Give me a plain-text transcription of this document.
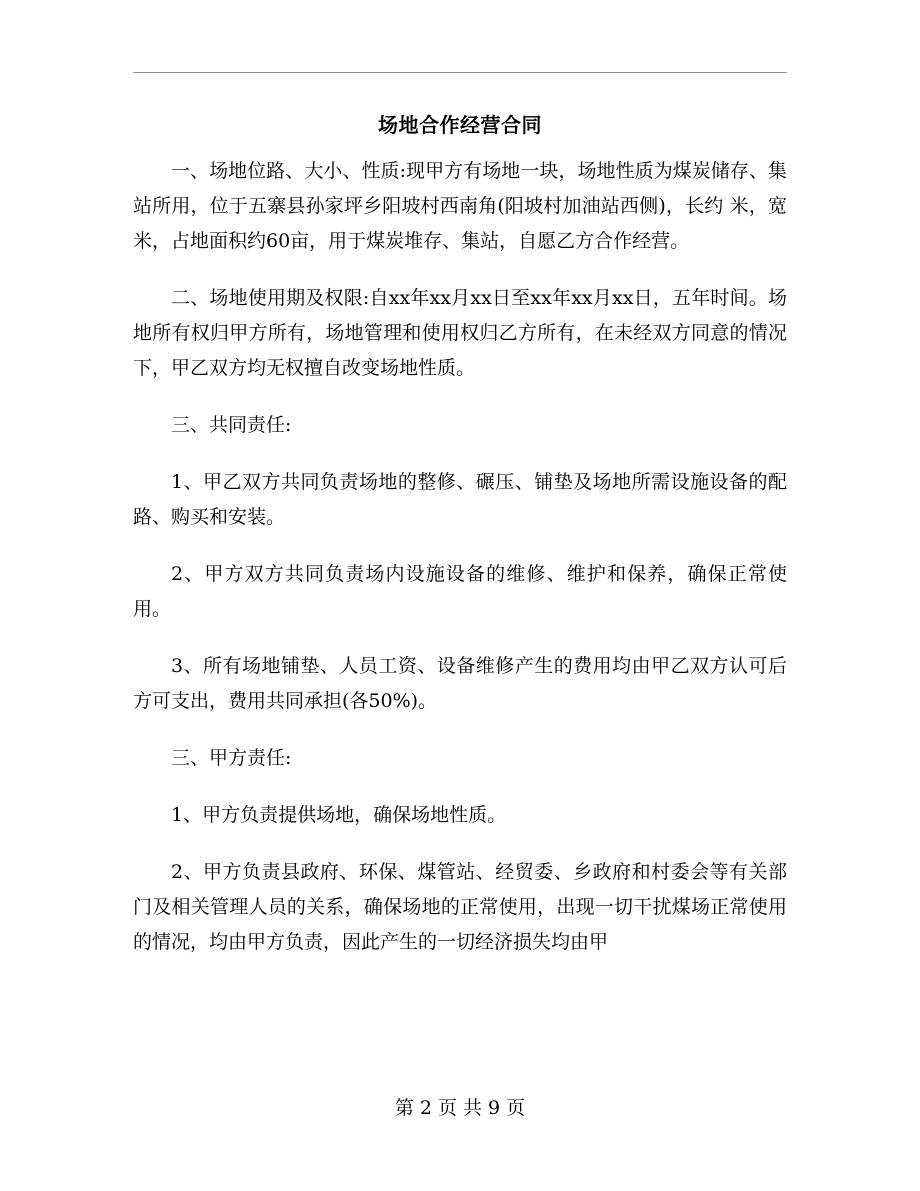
场地合作经营合同

一、场地位路、大小、性质:现甲方有场地一块，场地性质为煤炭储存、集站所用，位于五寨县孙家坪乡阳坡村西南角(阳坡村加油站西侧)，长约 米，宽 米，占地面积约60亩，用于煤炭堆存、集站，自愿乙方合作经营。

二、场地使用期及权限:自xx年xx月xx日至xx年xx月xx日，五年时间。场地所有权归甲方所有，场地管理和使用权归乙方所有，在未经双方同意的情况下，甲乙双方均无权擅自改变场地性质。

三、共同责任:

1、甲乙双方共同负责场地的整修、碾压、铺垫及场地所需设施设备的配路、购买和安装。

2、甲方双方共同负责场内设施设备的维修、维护和保养，确保正常使用。

3、所有场地铺垫、人员工资、设备维修产生的费用均由甲乙双方认可后方可支出，费用共同承担(各50%)。

三、甲方责任:

1、甲方负责提供场地，确保场地性质。

2、甲方负责县政府、环保、煤管站、经贸委、乡政府和村委会等有关部门及相关管理人员的关系，确保场地的正常使用，出现一切干扰煤场正常使用的情况，均由甲方负责，因此产生的一切经济损失均由甲

第 2 页 共 9 页
